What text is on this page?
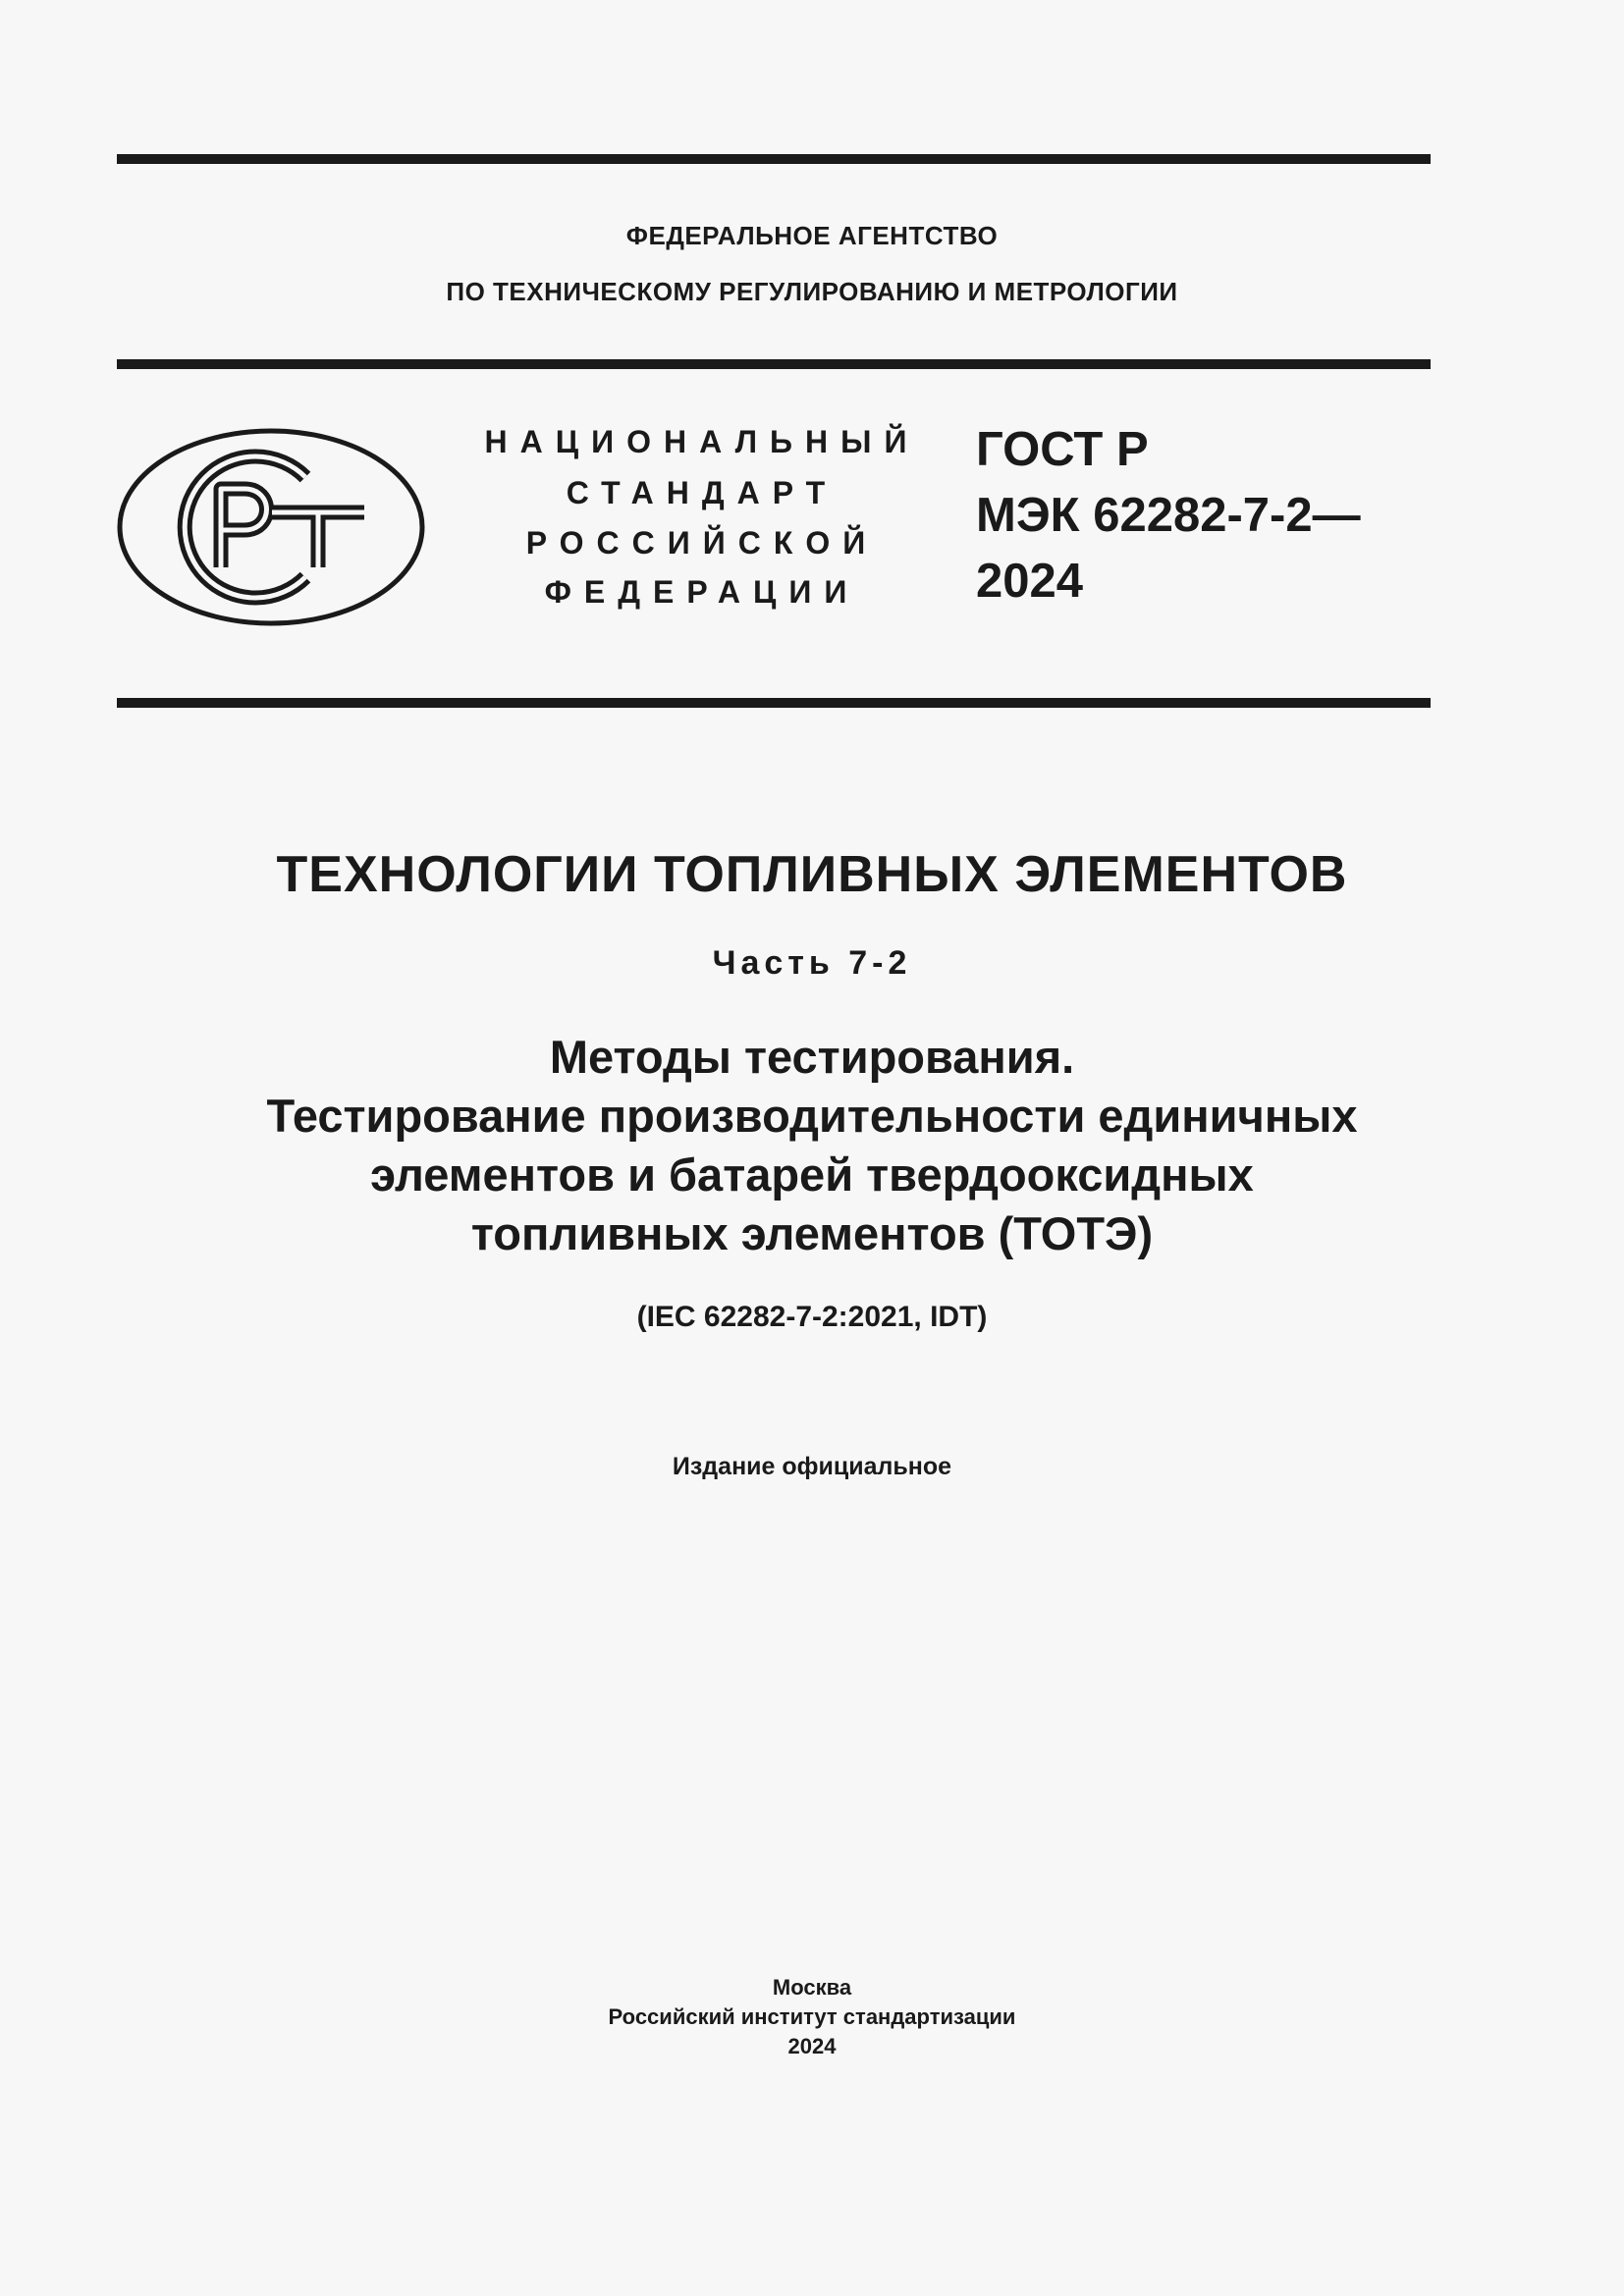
ФЕДЕРАЛЬНОЕ АГЕНТСТВО
ПО ТЕХНИЧЕСКОМУ РЕГУЛИРОВАНИЮ И МЕТРОЛОГИИ
НАЦИОНАЛЬНЫЙ
СТАНДАРТ
РОССИЙСКОЙ
ФЕДЕРАЦИИ
ГОСТ Р
МЭК 62282-7-2—
2024
ТЕХНОЛОГИИ ТОПЛИВНЫХ ЭЛЕМЕНТОВ
Часть 7-2
Методы тестирования.
Тестирование производительности единичных
элементов и батарей твердооксидных
топливных элементов (ТОТЭ)
(IEC 62282-7-2:2021, IDT)
Издание официальное
Москва
Российский институт стандартизации
2024
